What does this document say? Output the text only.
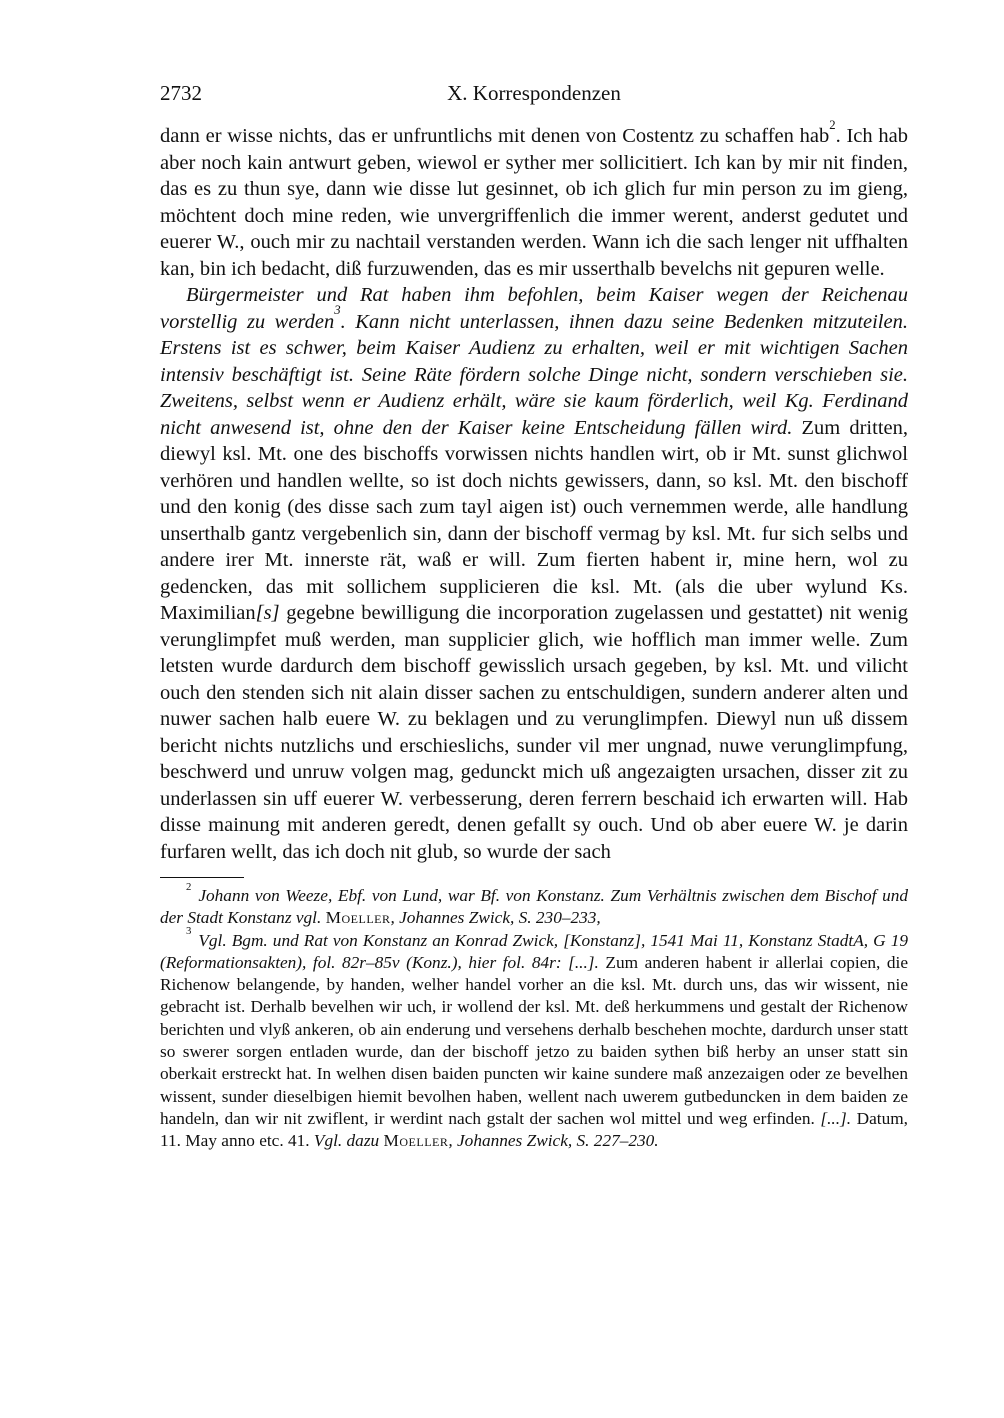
2732	X. Korrespondenzen

dann er wisse nichts, das er unfruntlichs mit denen von Costentz zu schaffen hab$^2$. Ich hab aber noch kain antwurt geben, wiewol er syther mer sollicitiert. Ich kan by mir nit finden, das es zu thun sye, dann wie disse lut gesinnet, ob ich glich fur min person zu im gieng, möchtent doch mine reden, wie unvergriffenlich die immer werent, anderst gedutet und euerer W., ouch mir zu nachtail verstanden werden. Wann ich die sach lenger nit uffhalten kan, bin ich bedacht, diß furzuwenden, das es mir usserthalb bevelchs nit gepuren welle.

Bürgermeister und Rat haben ihm befohlen, beim Kaiser wegen der Reichenau vorstellig zu werden$^3$. Kann nicht unterlassen, ihnen dazu seine Bedenken mitzuteilen. Erstens ist es schwer, beim Kaiser Audienz zu erhalten, weil er mit wichtigen Sachen intensiv beschäftigt ist. Seine Räte fördern solche Dinge nicht, sondern verschieben sie. Zweitens, selbst wenn er Audienz erhält, wäre sie kaum förderlich, weil Kg. Ferdinand nicht anwesend ist, ohne den der Kaiser keine Entscheidung fällen wird. Zum dritten, diewyl ksl. Mt. one des bischoffs vorwissen nichts handlen wirt, ob ir Mt. sunst glichwol verhören und handlen wellte, so ist doch nichts gewissers, dann, so ksl. Mt. den bischoff und den konig (des disse sach zum tayl aigen ist) ouch vernemmen werde, alle handlung unserthalb gantz vergebenlich sin, dann der bischoff vermag by ksl. Mt. fur sich selbs und andere irer Mt. innerste rät, waß er will. Zum fierten habent ir, mine hern, wol zu gedencken, das mit sollichem supplicieren die ksl. Mt. (als die uber wylund Ks. Maximilian[s] gegebne bewilligung die incorporation zugelassen und gestattet) nit wenig verunglimpfet muß werden, man supplicier glich, wie hofflich man immer welle. Zum letsten wurde dardurch dem bischoff gewisslich ursach gegeben, by ksl. Mt. und vilicht ouch den stenden sich nit alain disser sachen zu entschuldigen, sundern anderer alten und nuwer sachen halb euere W. zu beklagen und zu verunglimpfen. Diewyl nun uß dissem bericht nichts nutzlichs und erschieslichs, sunder vil mer ungnad, nuwe verunglimpfung, beschwerd und unruw volgen mag, gedunckt mich uß angezaigten ursachen, disser zit zu underlassen sin uff euerer W. verbesserung, deren ferrern beschaid ich erwarten will. Hab disse mainung mit anderen geredt, denen gefallt sy ouch. Und ob aber euere W. je darin furfaren wellt, das ich doch nit glub, so wurde der sach

$^2$ Johann von Weeze, Ebf. von Lund, war Bf. von Konstanz. Zum Verhältnis zwischen dem Bischof und der Stadt Konstanz vgl. Moeller, Johannes Zwick, S. 230–233,

$^3$ Vgl. Bgm. und Rat von Konstanz an Konrad Zwick, [Konstanz], 1541 Mai 11, Konstanz StadtA, G 19 (Reformationsakten), fol. 82r–85v (Konz.), hier fol. 84r: [...]. Zum anderen habent ir allerlai copien, die Richenow belangende, by handen, welher handel vorher an die ksl. Mt. durch uns, das wir wissent, nie gebracht ist. Derhalb bevelhen wir uch, ir wollend der ksl. Mt. deß herkummens und gestalt der Richenow berichten und vlyß ankeren, ob ain enderung und versehens derhalb beschehen mochte, dardurch unser statt so swerer sorgen entladen wurde, dan der bischoff jetzo zu baiden sythen biß herby an unser statt sin oberkait erstreckt hat. In welhen disen baiden puncten wir kaine sundere maß anzezaigen oder ze bevelhen wissent, sunder dieselbigen hiemit bevolhen haben, wellent nach uwerem gutbeduncken in dem baiden ze handeln, dan wir nit zwiflent, ir werdint nach gstalt der sachen wol mittel und weg erfinden. [...]. Datum, 11. May anno etc. 41. Vgl. dazu Moeller, Johannes Zwick, S. 227–230.
